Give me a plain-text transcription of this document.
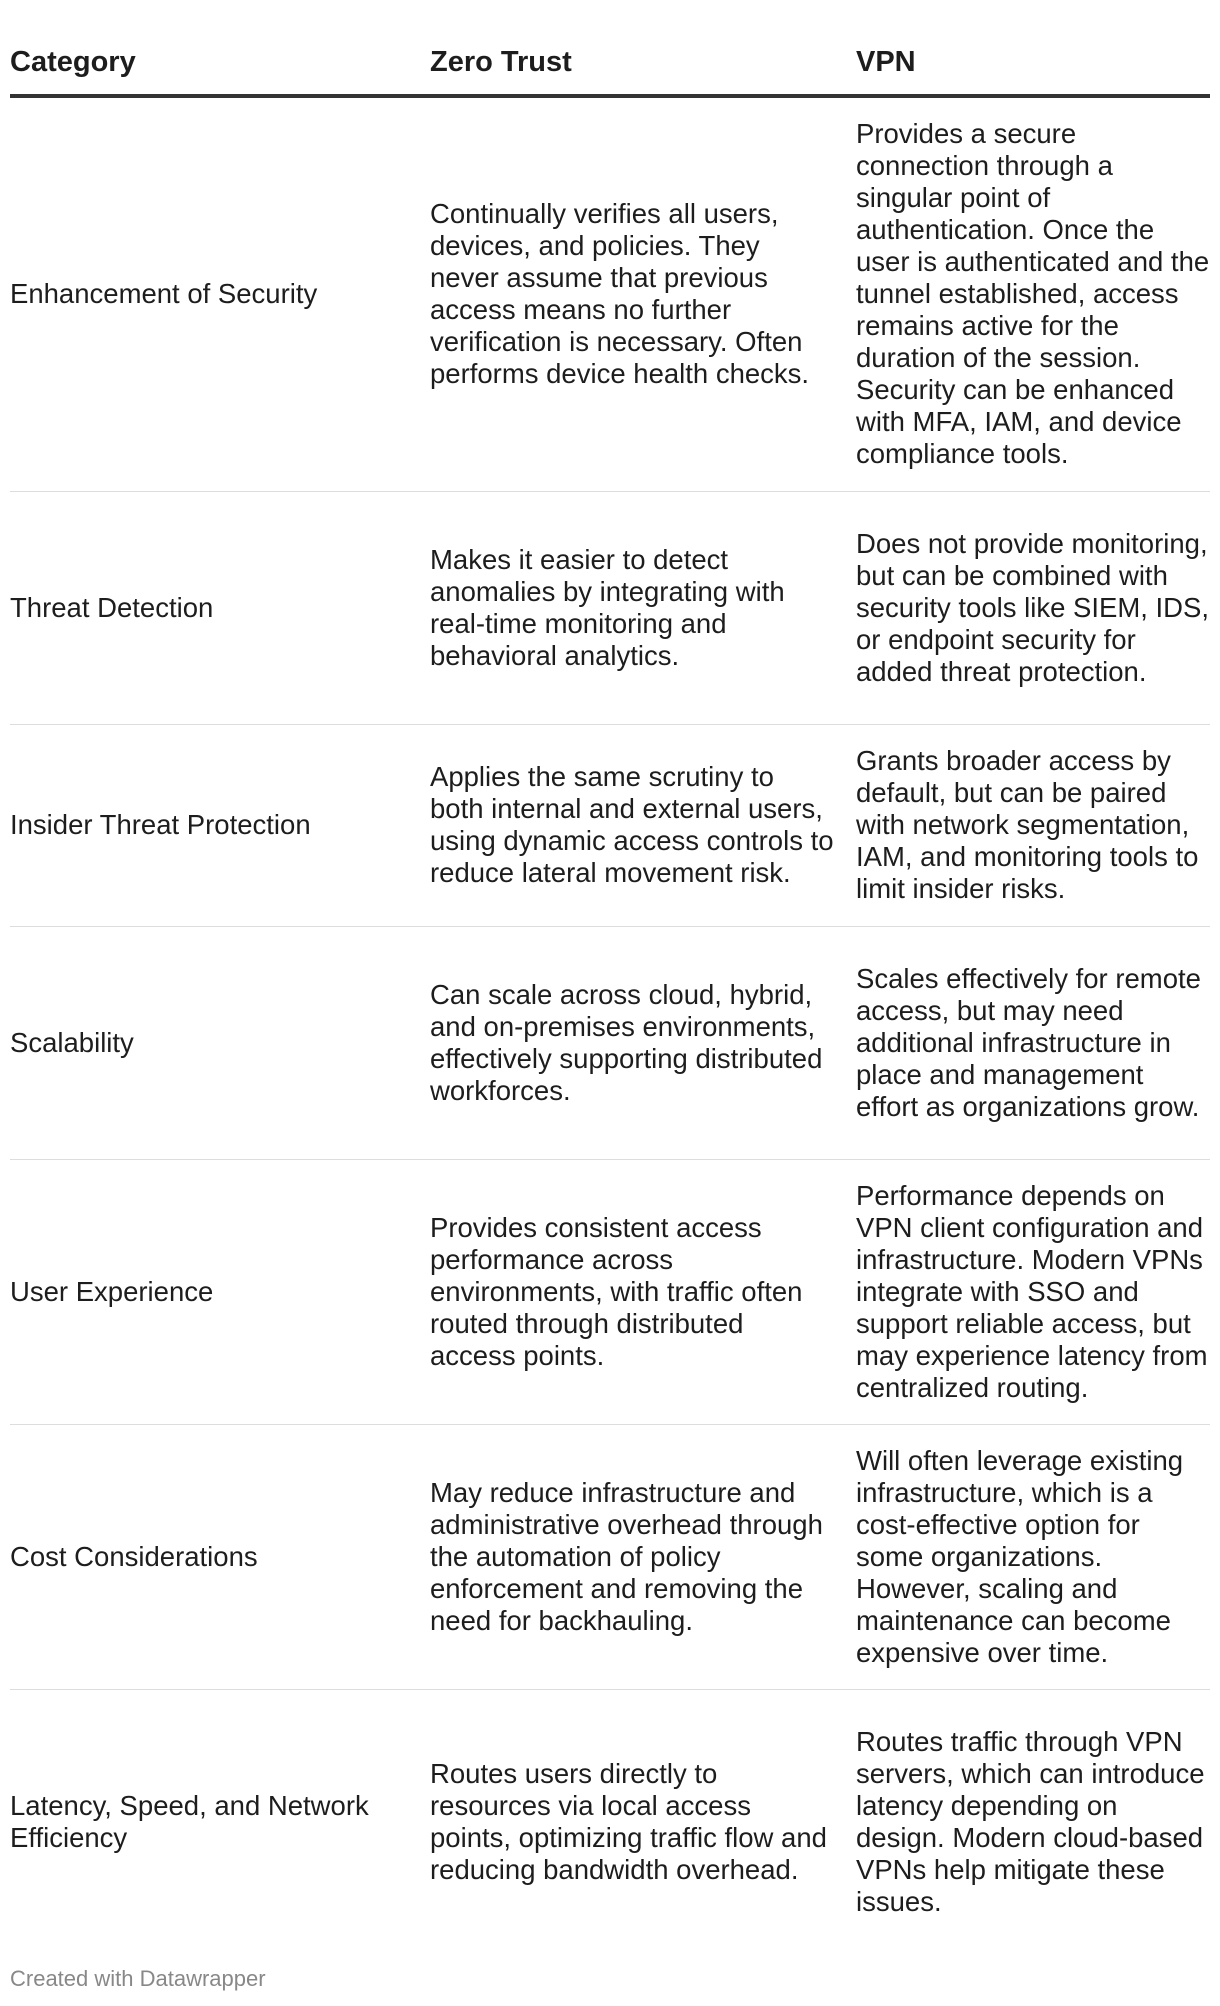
Category	Zero Trust	VPN
Enhancement of Security	Continually verifies all users, devices, and policies. They never assume that previous access means no further verification is necessary. Often performs device health checks.	Provides a secure connection through a singular point of authentication. Once the user is authenticated and the tunnel established, access remains active for the duration of the session. Security can be enhanced with MFA, IAM, and device compliance tools.
Threat Detection	Makes it easier to detect anomalies by integrating with real-time monitoring and behavioral analytics.	Does not provide monitoring, but can be combined with security tools like SIEM, IDS, or endpoint security for added threat protection.
Insider Threat Protection	Applies the same scrutiny to both internal and external users, using dynamic access controls to reduce lateral movement risk.	Grants broader access by default, but can be paired with network segmentation, IAM, and monitoring tools to limit insider risks.
Scalability	Can scale across cloud, hybrid, and on-premises environments, effectively supporting distributed workforces.	Scales effectively for remote access, but may need additional infrastructure in place and management effort as organizations grow.
User Experience	Provides consistent access performance across environments, with traffic often routed through distributed access points.	Performance depends on VPN client configuration and infrastructure. Modern VPNs integrate with SSO and support reliable access, but may experience latency from centralized routing.
Cost Considerations	May reduce infrastructure and administrative overhead through the automation of policy enforcement and removing the need for backhauling.	Will often leverage existing infrastructure, which is a cost-effective option for some organizations. However, scaling and maintenance can become expensive over time.
Latency, Speed, and Network Efficiency	Routes users directly to resources via local access points, optimizing traffic flow and reducing bandwidth overhead.	Routes traffic through VPN servers, which can introduce latency depending on design. Modern cloud-based VPNs help mitigate these issues.
Created with Datawrapper
